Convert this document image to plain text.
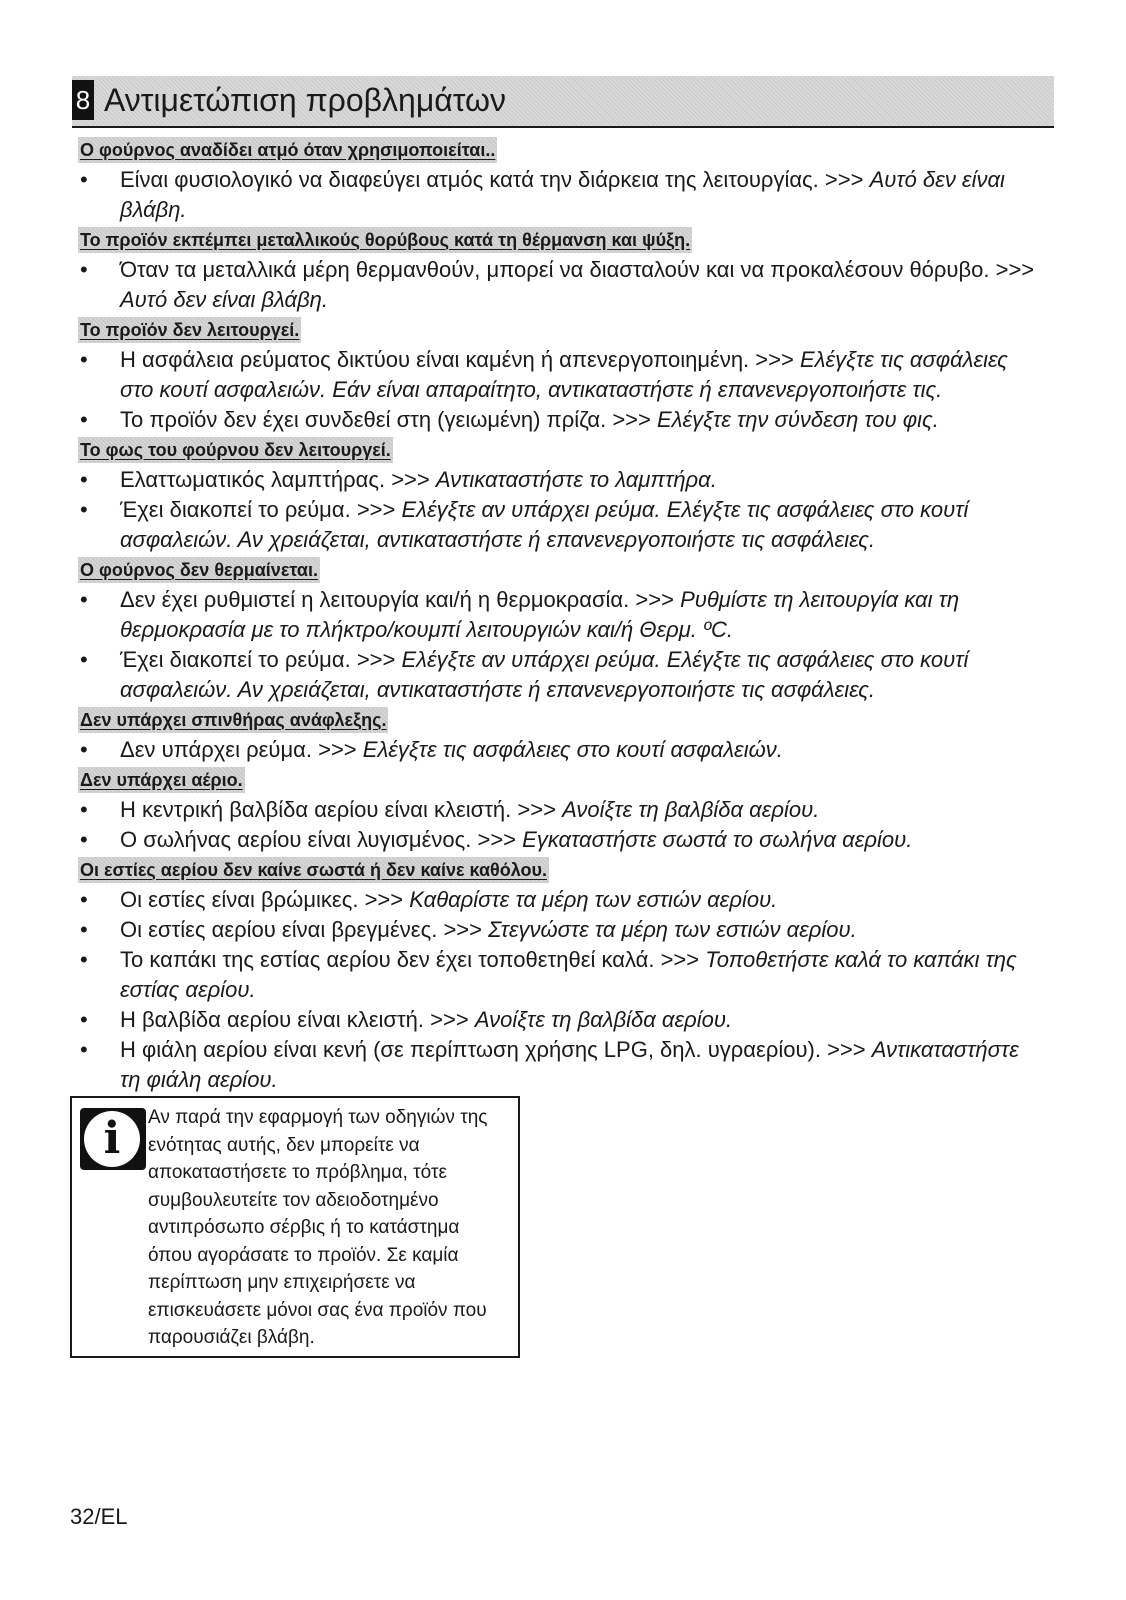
8 Αντιμετώπιση προβλημάτων
Ο φούρνος αναδίδει ατμό όταν χρησιμοποιείται..
• Είναι φυσιολογικό να διαφεύγει ατμός κατά την διάρκεια της λειτουργίας. >>> Αυτό δεν είναι βλάβη.
Το προϊόν εκπέμπει μεταλλικούς θορύβους κατά τη θέρμανση και ψύξη.
• Όταν τα μεταλλικά μέρη θερμανθούν, μπορεί να διασταλούν και να προκαλέσουν θόρυβο. >>> Αυτό δεν είναι βλάβη.
Το προϊόν δεν λειτουργεί.
• Η ασφάλεια ρεύματος δικτύου είναι καμένη ή απενεργοποιημένη. >>> Ελέγξτε τις ασφάλειες στο κουτί ασφαλειών. Εάν είναι απαραίτητο, αντικαταστήστε ή επανενεργοποιήστε τις.
• Το προϊόν δεν έχει συνδεθεί στη (γειωμένη) πρίζα. >>> Ελέγξτε την σύνδεση του φις.
Το φως του φούρνου δεν λειτουργεί.
• Ελαττωματικός λαμπτήρας. >>> Αντικαταστήστε το λαμπτήρα.
• Έχει διακοπεί το ρεύμα. >>> Ελέγξτε αν υπάρχει ρεύμα. Ελέγξτε τις ασφάλειες στο κουτί ασφαλειών. Αν χρειάζεται, αντικαταστήστε ή επανενεργοποιήστε τις ασφάλειες.
Ο φούρνος δεν θερμαίνεται.
• Δεν έχει ρυθμιστεί η λειτουργία και/ή η θερμοκρασία. >>> Ρυθμίστε τη λειτουργία και τη θερμοκρασία με το πλήκτρο/κουμπί λειτουργιών και/ή Θερμ. ºC.
• Έχει διακοπεί το ρεύμα. >>> Ελέγξτε αν υπάρχει ρεύμα. Ελέγξτε τις ασφάλειες στο κουτί ασφαλειών. Αν χρειάζεται, αντικαταστήστε ή επανενεργοποιήστε τις ασφάλειες.
Δεν υπάρχει σπινθήρας ανάφλεξης.
• Δεν υπάρχει ρεύμα. >>> Ελέγξτε τις ασφάλειες στο κουτί ασφαλειών.
Δεν υπάρχει αέριο.
• Η κεντρική βαλβίδα αερίου είναι κλειστή. >>> Ανοίξτε τη βαλβίδα αερίου.
• Ο σωλήνας αερίου είναι λυγισμένος. >>> Εγκαταστήστε σωστά το σωλήνα αερίου.
Οι εστίες αερίου δεν καίνε σωστά ή δεν καίνε καθόλου.
• Οι εστίες είναι βρώμικες. >>> Καθαρίστε τα μέρη των εστιών αερίου.
• Οι εστίες αερίου είναι βρεγμένες. >>> Στεγνώστε τα μέρη των εστιών αερίου.
• Το καπάκι της εστίας αερίου δεν έχει τοποθετηθεί καλά. >>> Τοποθετήστε καλά το καπάκι της εστίας αερίου.
• Η βαλβίδα αερίου είναι κλειστή. >>> Ανοίξτε τη βαλβίδα αερίου.
• Η φιάλη αερίου είναι κενή (σε περίπτωση χρήσης LPG, δηλ. υγραερίου). >>> Αντικαταστήστε τη φιάλη αερίου.
i	Αν παρά την εφαρμογή των οδηγιών της
ενότητας αυτής, δεν μπορείτε να
αποκαταστήσετε το πρόβλημα, τότε
συμβουλευτείτε τον αδειοδοτημένο
αντιπρόσωπο σέρβις ή το κατάστημα
όπου αγοράσατε το προϊόν. Σε καμία
περίπτωση μην επιχειρήσετε να
επισκευάσετε μόνοι σας ένα προϊόν που
παρουσιάζει βλάβη.
32/EL
